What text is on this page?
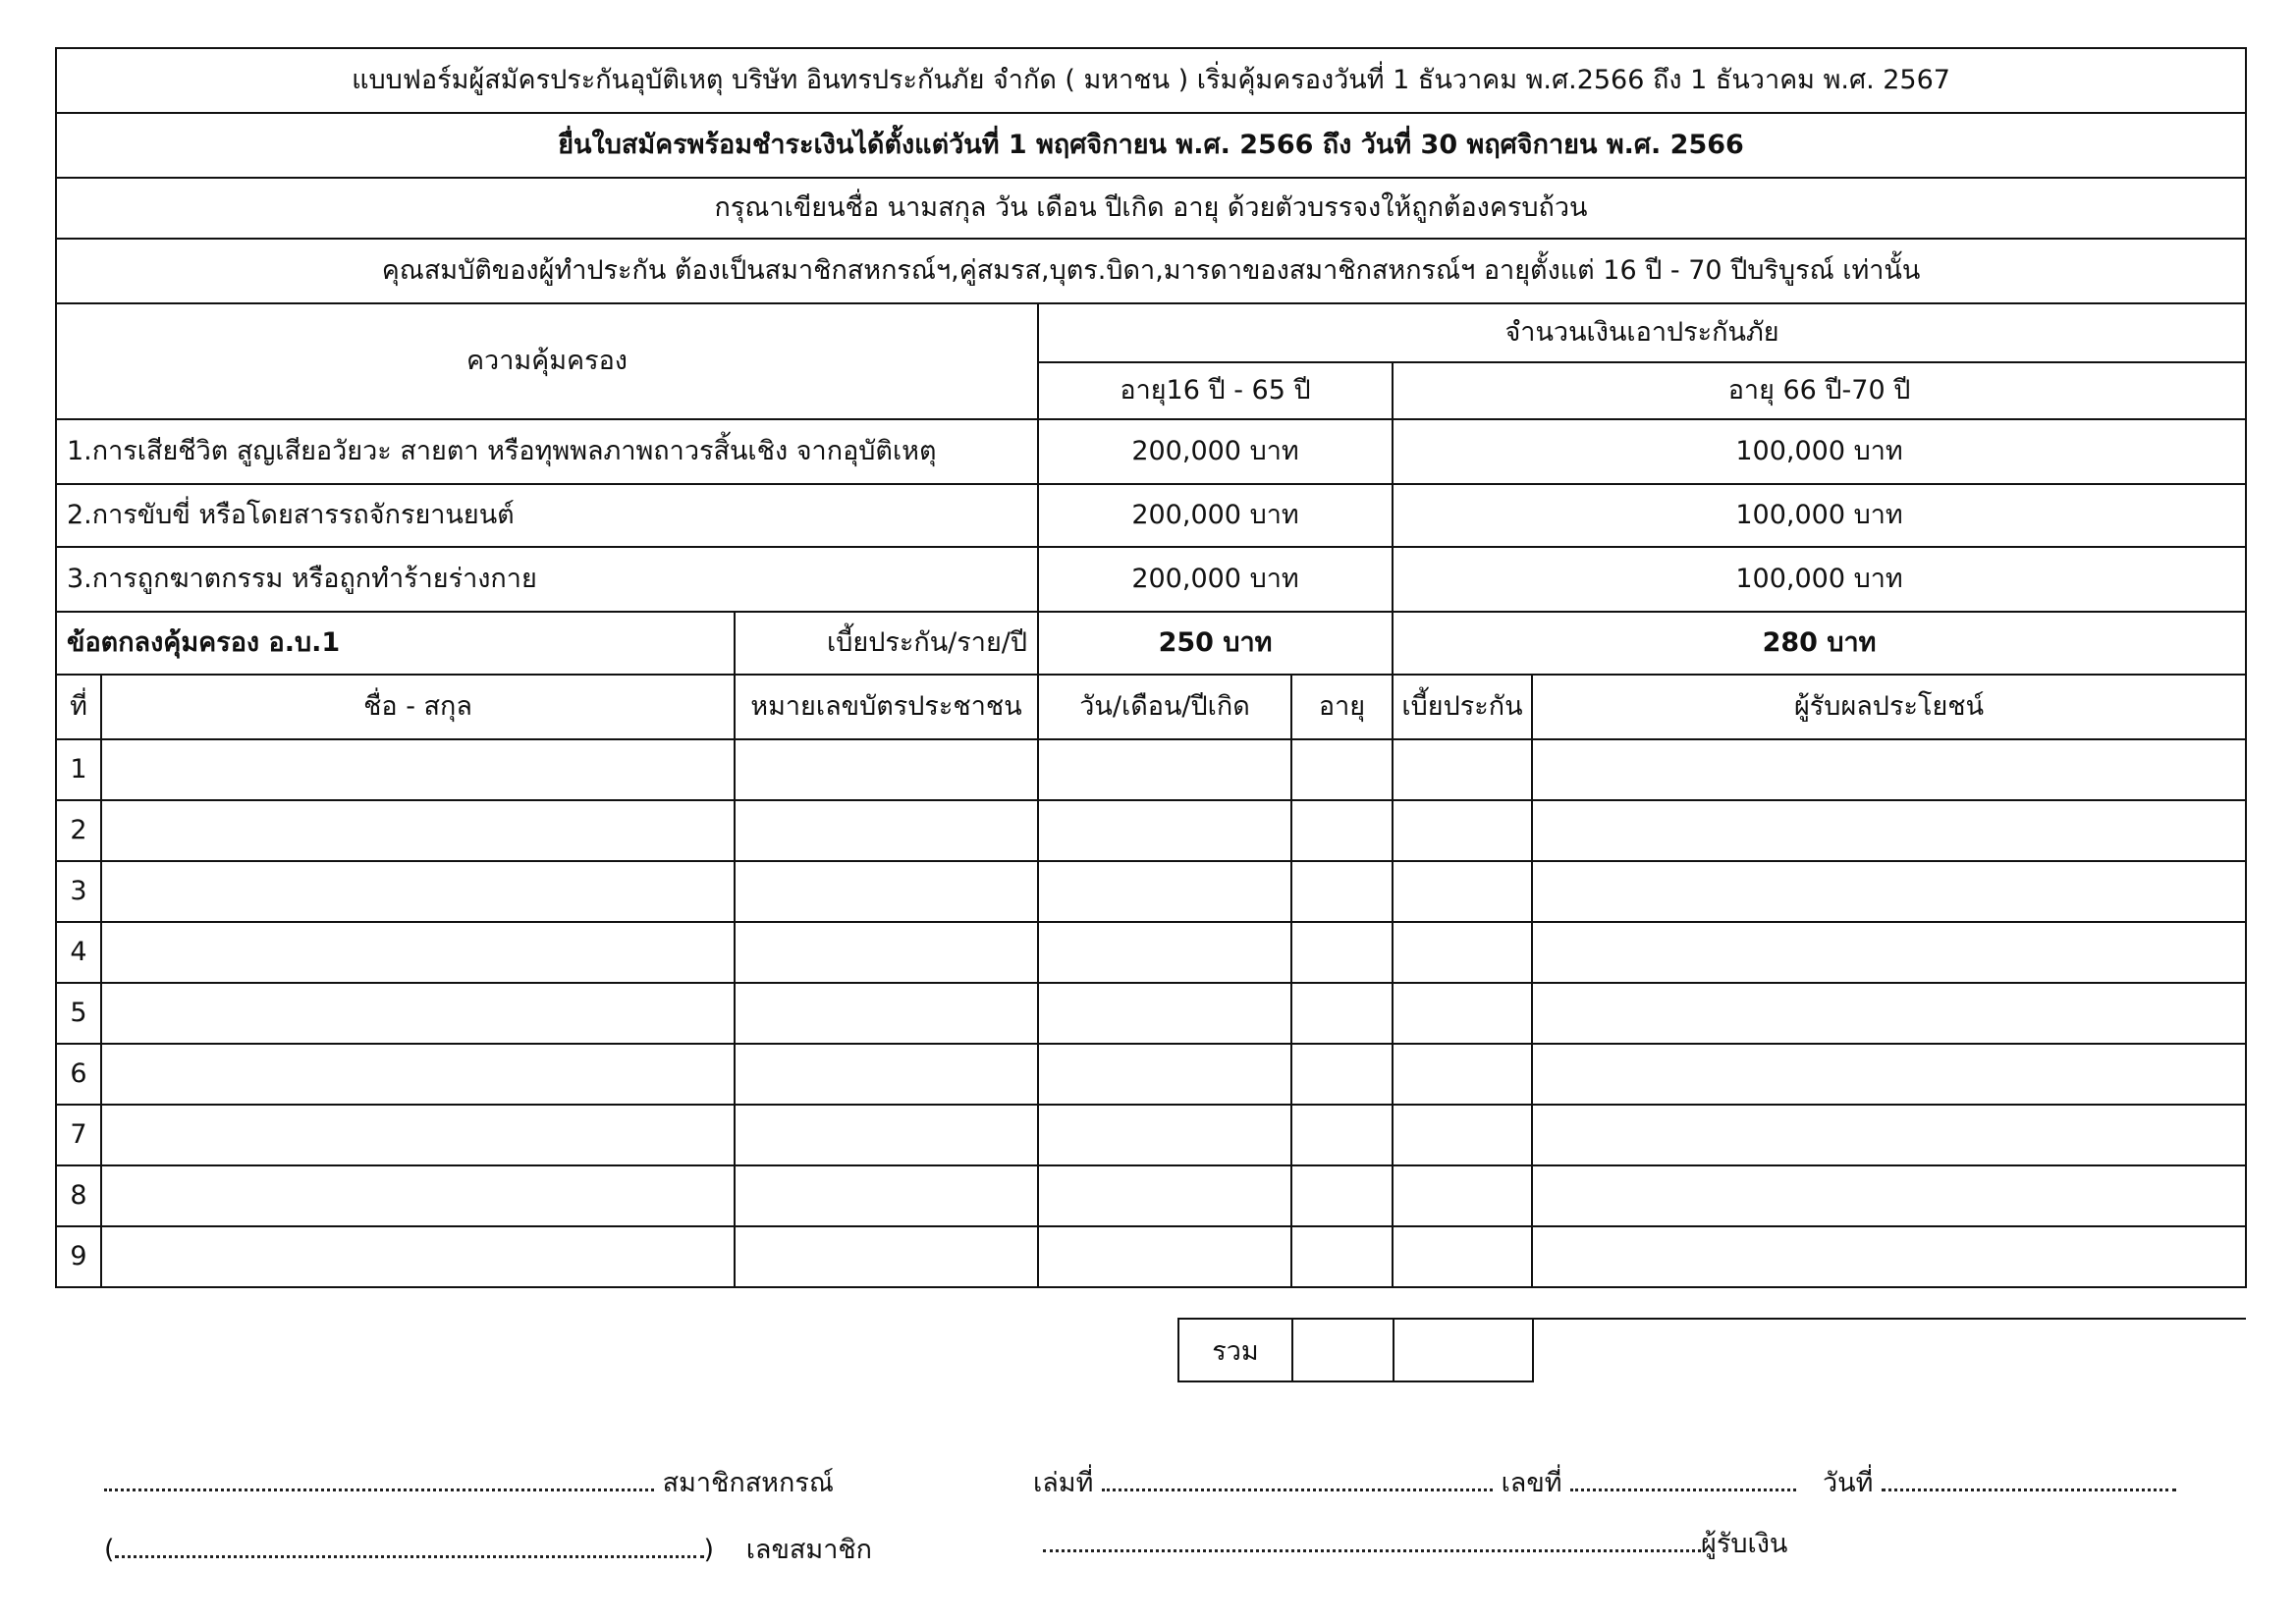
แบบฟอร์มผู้สมัครประกันอุบัติเหตุ บริษัท อินทรประกันภัย จำกัด ( มหาชน ) เริ่มคุ้มครองวันที่ 1 ธันวาคม พ.ศ.2566 ถึง 1 ธันวาคม พ.ศ. 2567						
ยื่นใบสมัครพร้อมชำระเงินได้ตั้งแต่วันที่ 1 พฤศจิกายน พ.ศ. 2566 ถึง วันที่ 30 พฤศจิกายน พ.ศ. 2566						
กรุณาเขียนชื่อ นามสกุล วัน เดือน ปีเกิด อายุ ด้วยตัวบรรจงให้ถูกต้องครบถ้วน						
คุณสมบัติของผู้ทำประกัน ต้องเป็นสมาชิกสหกรณ์ฯ,คู่สมรส,บุตร.บิดา,มารดาของสมาชิกสหกรณ์ฯ อายุตั้งแต่ 16 ปี - 70 ปีบริบูรณ์ เท่านั้น						
ความคุ้มครอง			จำนวนเงินเอาประกันภัย			
			อายุ16 ปี - 65 ปี		อายุ 66 ปี-70 ปี	
1.การเสียชีวิต สูญเสียอวัยวะ สายตา หรือทุพพลภาพถาวรสิ้นเชิง จากอุบัติเหตุ			200,000 บาท		100,000 บาท	
2.การขับขี่ หรือโดยสารรถจักรยานยนต์			200,000 บาท		100,000 บาท	
3.การถูกฆาตกรรม หรือถูกทำร้ายร่างกาย			200,000 บาท		100,000 บาท	
ข้อตกลงคุ้มครอง อ.บ.1		เบี้ยประกัน/ราย/ปี	250 บาท		280 บาท	
ที่	ชื่อ - สกุล	หมายเลขบัตรประชาชน	วัน/เดือน/ปีเกิด	อายุ	เบี้ยประกัน	ผู้รับผลประโยชน์
1						
2						
3						
4						
5						
6						
7						
8						
9						
รวม			
สมาชิกสหกรณ์	เล่มที่	เลขที่	วันที่
(	) เลขสมาชิก	ผู้รับเงิน
